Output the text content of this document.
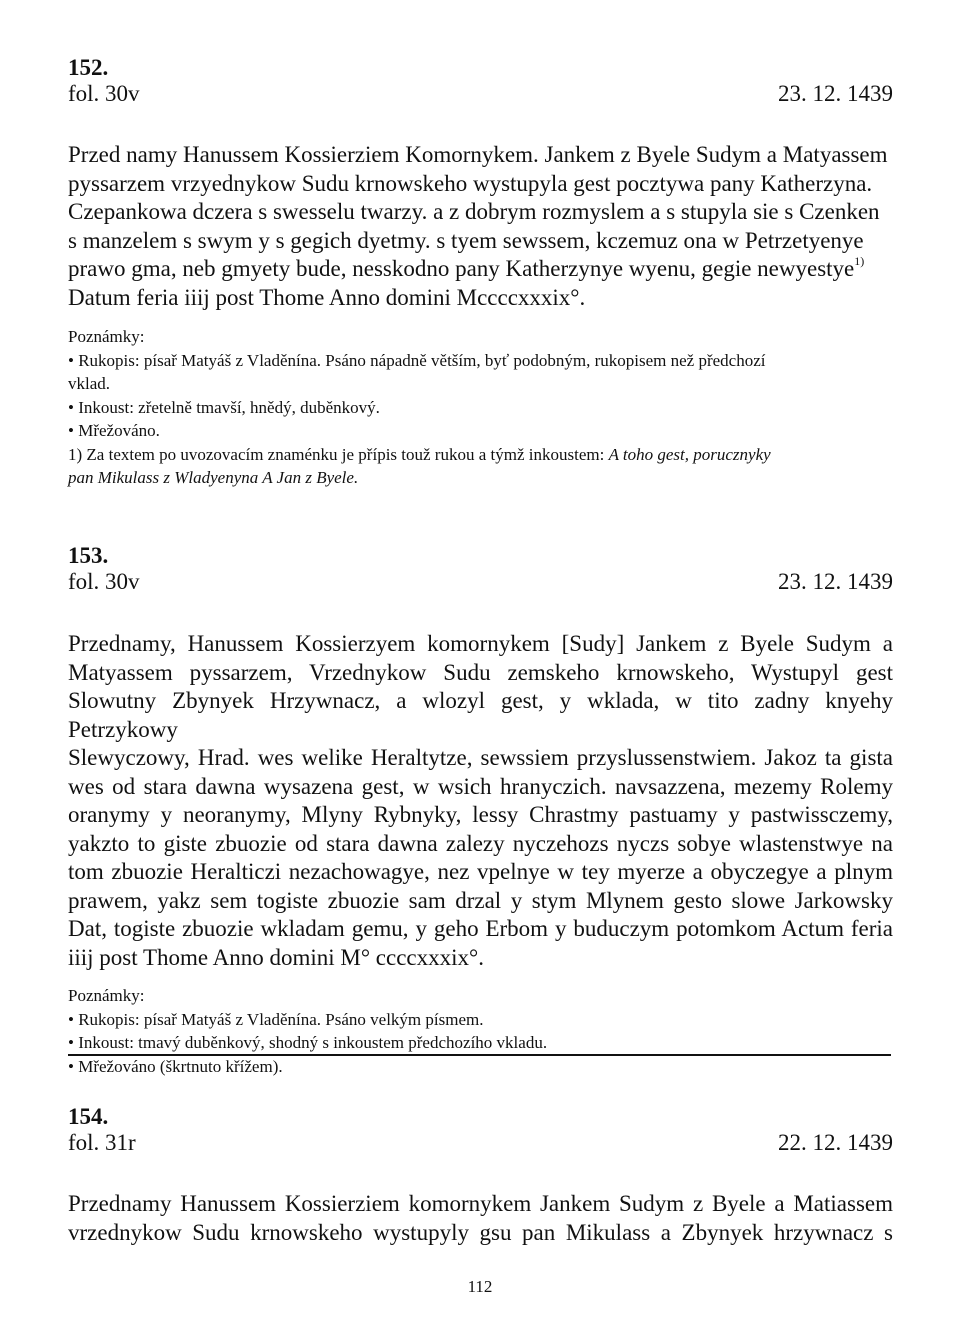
152.
fol. 30v	23. 12. 1439
Przed namy Hanussem Kossierziem Komornykem. Jankem z Byele Sudym a Matyassem
pyssarzem vrzyednykow Sudu krnowskeho wystupyla gest pocztywa pany Katherzyna.
Czepankowa dczera s swesselu twarzy. a z dobrym rozmyslem a s stupyla sie s Czenken
s manzelem s swym y s gegich dyetmy. s tyem sewssem, kczemuz ona w Petrzetyenye
prawo gma, neb gmyety bude, nesskodno pany Katherzynye wyenu, gegie newyestye$^{1)}$
Datum feria iiij post Thome Anno domini Mccccxxxix°.
Poznámky:
• Rukopis: písař Matyáš z Vladěnína. Psáno nápadně větším, byť podobným, rukopisem než předchozí
vklad.
• Inkoust: zřetelně tmavší, hnědý, duběnkový.
• Mřežováno.
1) Za textem po uvozovacím znaménku je přípis touž rukou a týmž inkoustem: A toho gest, porucznyky
pan Mikulass z Wladyenyna A Jan z Byele.
153.
fol. 30v	23. 12. 1439
Przednamy, Hanussem Kossierzyem komornykem [Sudy] Jankem z Byele Sudym a
Matyassem pyssarzem, Vrzednykow Sudu zemskeho krnowskeho, Wystupyl gest
Slowutny Zbynyek Hrzywnacz, a wlozyl gest, y wklada, w tito zadny knyehy Petrzykowy
Slewyczowy, Hrad. wes welike Heraltytze, sewssiem przyslussenstwiem. Jakoz ta gista
wes od stara dawna wysazena gest, w wsich hranyczich. navsazzena, mezemy Rolemy
oranymy y neoranymy, Mlyny Rybnyky, lessy Chrastmy pastuamy y pastwissczemy,
yakzto to giste zbuozie od stara dawna zalezy nyczehozs nyczs sobye wlastenstwye na
tom zbuozie Heralticzi nezachowagye, nez vpelnye w tey myerze a obyczegye a plnym
prawem, yakz sem togiste zbuozie sam drzal y stym Mlynem gesto slowe Jarkowsky
Dat, togiste zbuozie wkladam gemu, y geho Erbom y buduczym potomkom Actum feria
iiij post Thome Anno domini M° ccccxxxix°.
Poznámky:
• Rukopis: písař Matyáš z Vladěnína. Psáno velkým písmem.
• Inkoust: tmavý duběnkový, shodný s inkoustem předchozího vkladu.
• Mřežováno (škrtnuto křížem).
154.
fol. 31r	22. 12. 1439
Przednamy Hanussem Kossierziem komornykem Jankem Sudym z Byele a Matiassem
vrzednykow Sudu krnowskeho wystupyly gsu pan Mikulass a Zbynyek hrzywnacz s
112
